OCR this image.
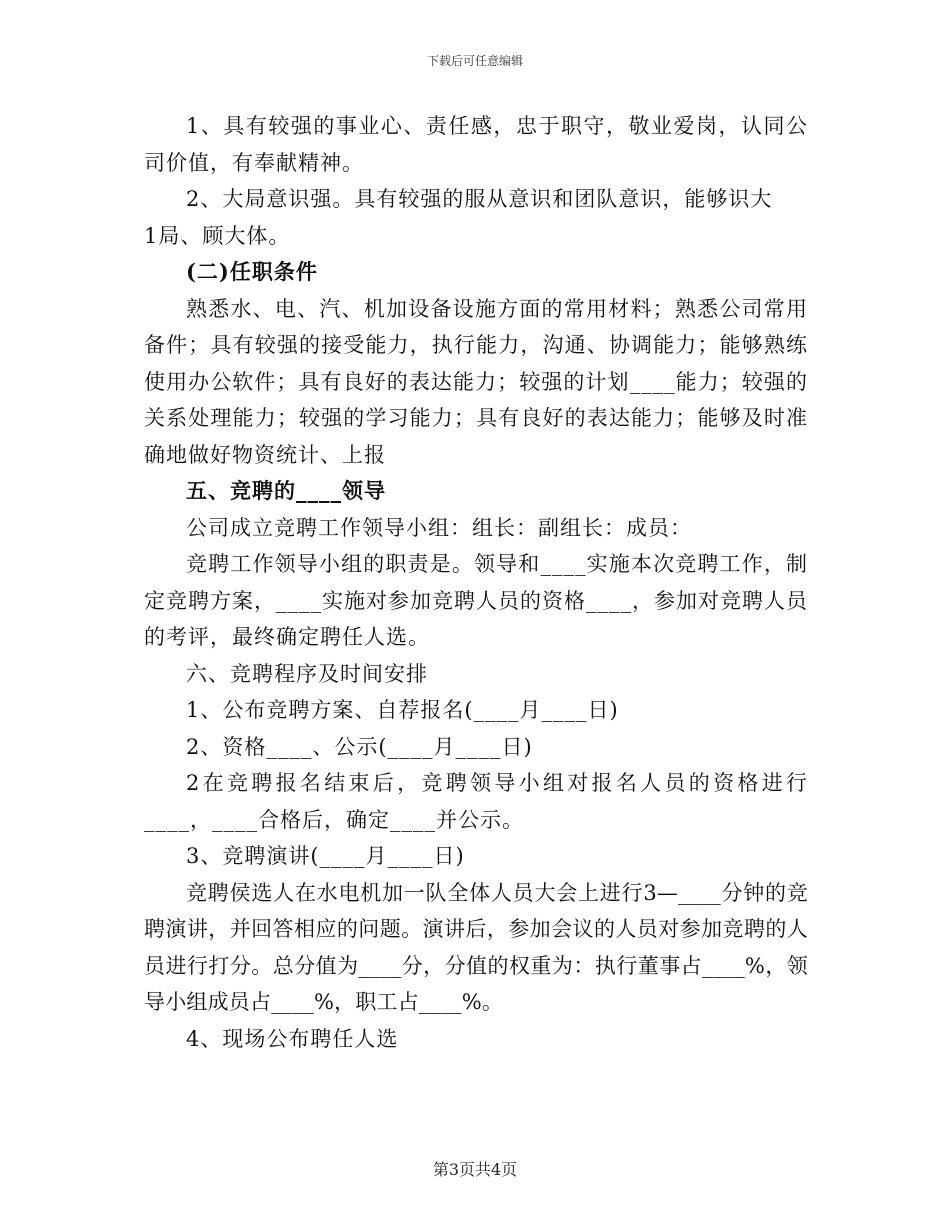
下载后可任意编辑

1、具有较强的事业心、责任感，忠于职守，敬业爱岗，认同公司价值，有奉献精神。

2、大局意识强。具有较强的服从意识和团队意识，能够识大

1局、顾大体。

(二)任职条件

熟悉水、电、汽、机加设备设施方面的常用材料；熟悉公司常用备件；具有较强的接受能力，执行能力，沟通、协调能力；能够熟练使用办公软件；具有良好的表达能力；较强的计划____能力；较强的关系处理能力；较强的学习能力；具有良好的表达能力；能够及时准确地做好物资统计、上报

五、竞聘的____领导

公司成立竞聘工作领导小组：组长：副组长：成员：

竞聘工作领导小组的职责是。领导和____实施本次竞聘工作，制定竞聘方案，____实施对参加竞聘人员的资格____，参加对竞聘人员的考评，最终确定聘任人选。

六、竞聘程序及时间安排

1、公布竞聘方案、自荐报名(____月____日)

2、资格____、公示(____月____日)

2在竞聘报名结束后，竞聘领导小组对报名人员的资格进行____，____合格后，确定____并公示。

3、竞聘演讲(____月____日)

竞聘侯选人在水电机加一队全体人员大会上进行3—____分钟的竞聘演讲，并回答相应的问题。演讲后，参加会议的人员对参加竞聘的人员进行打分。总分值为____分，分值的权重为：执行董事占____%，领导小组成员占____%，职工占____%。

4、现场公布聘任人选

第3页共4页
